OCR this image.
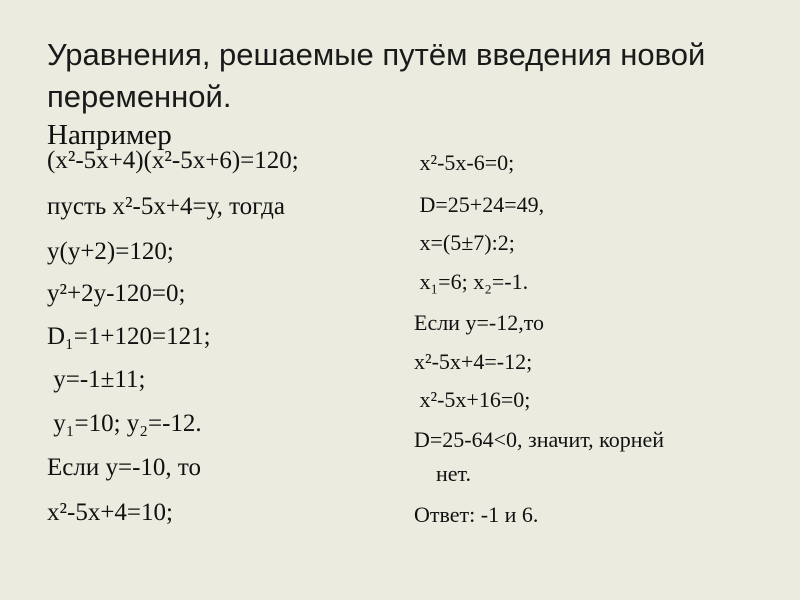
Уравнения, решаемые путём введения новой
переменной.
Например
(х²-5х+4)(х²-5х+6)=120;
пусть х²-5х+4=у, тогда
у(у+2)=120;
у²+2у-120=0;
D₁=1+120=121;
у=-1±11;
у₁=10; у₂=-12.
Если у=-10, то
х²-5х+4=10;
х²-5х-6=0;
D=25+24=49,
х=(5±7):2;
х₁=6; х₂=-1.
Если у=-12,то
х²-5х+4=-12;
х²-5х+16=0;
D=25-64<0, значит, корней
нет.
Ответ: -1 и 6.
